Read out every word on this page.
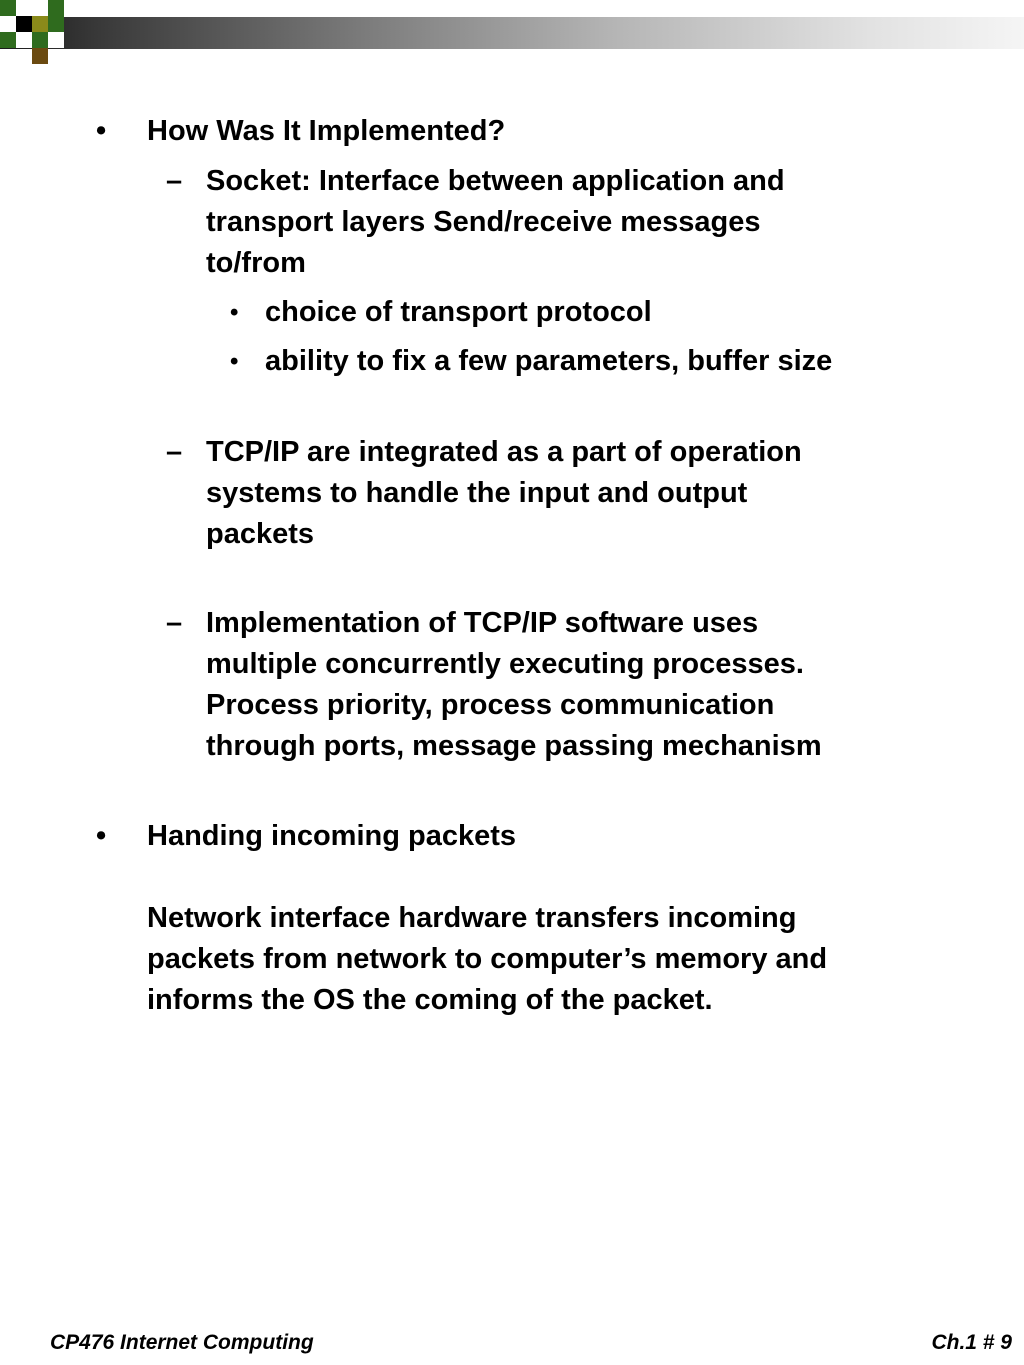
• How Was It Implemented?
– Socket: Interface between application and
transport layers Send/receive messages
to/from
• choice of transport protocol
• ability to fix a few parameters, buffer size
– TCP/IP are integrated as a part of operation
systems to handle the input and output
packets
– Implementation of TCP/IP software uses
multiple concurrently executing processes.
Process priority, process communication
through ports, message passing mechanism
• Handing incoming packets
Network interface hardware transfers incoming
packets from network to computer’s memory and
informs the OS the coming of the packet.
CP476 Internet Computing	Ch.1 # 9
